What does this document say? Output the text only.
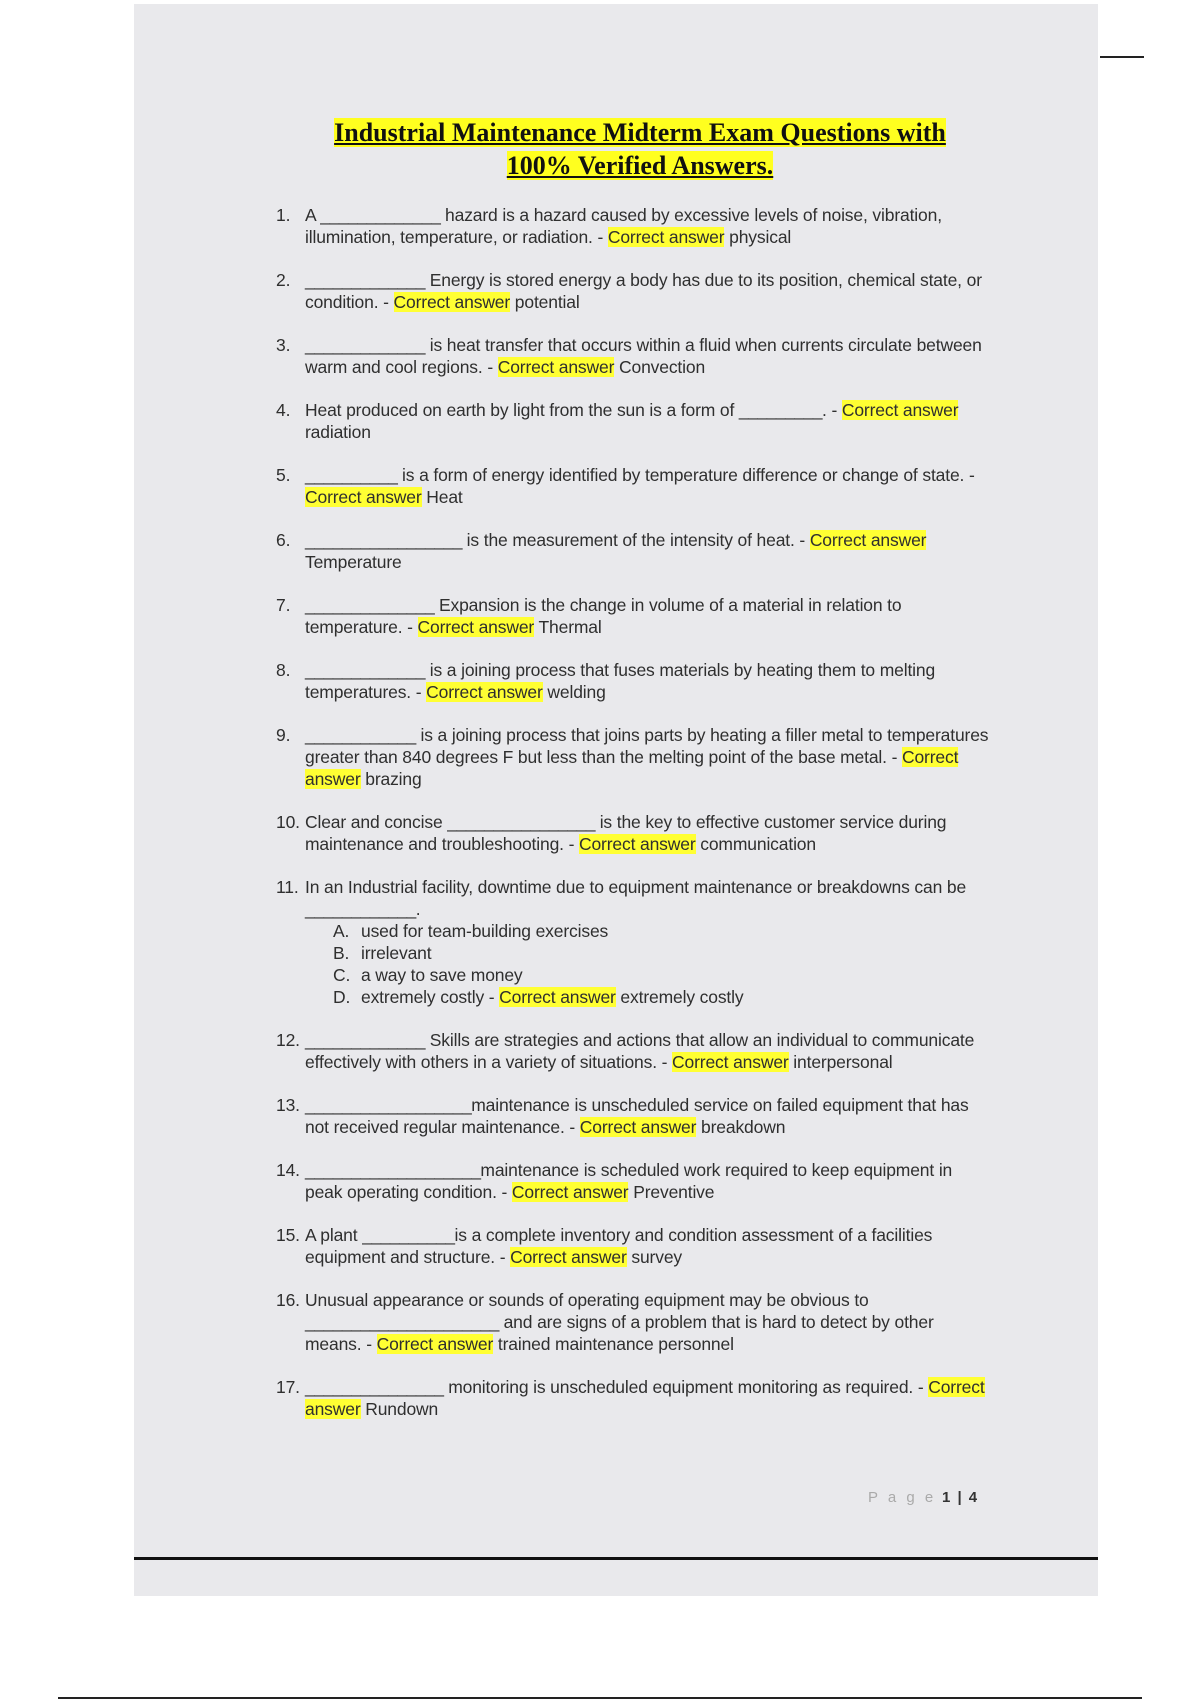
Industrial Maintenance Midterm Exam Questions with
100% Verified Answers.
1. A _____________ hazard is a hazard caused by excessive levels of noise, vibration, illumination, temperature, or radiation. - Correct answer physical
2. _____________ Energy is stored energy a body has due to its position, chemical state, or condition. - Correct answer potential
3. _____________ is heat transfer that occurs within a fluid when currents circulate between warm and cool regions. - Correct answer Convection
4. Heat produced on earth by light from the sun is a form of _________. - Correct answer radiation
5. __________ is a form of energy identified by temperature difference or change of state. - Correct answer Heat
6. _________________ is the measurement of the intensity of heat. - Correct answer Temperature
7. ______________ Expansion is the change in volume of a material in relation to temperature. - Correct answer Thermal
8. _____________ is a joining process that fuses materials by heating them to melting temperatures. - Correct answer welding
9. ____________ is a joining process that joins parts by heating a filler metal to temperatures greater than 840 degrees F but less than the melting point of the base metal. - Correct answer brazing
10. Clear and concise ________________ is the key to effective customer service during maintenance and troubleshooting. - Correct answer communication
11. In an Industrial facility, downtime due to equipment maintenance or breakdowns can be ____________.
A. used for team-building exercises
B. irrelevant
C. a way to save money
D. extremely costly - Correct answer extremely costly
12. _____________ Skills are strategies and actions that allow an individual to communicate effectively with others in a variety of situations. - Correct answer interpersonal
13. __________________maintenance is unscheduled service on failed equipment that has not received regular maintenance. - Correct answer breakdown
14. ___________________maintenance is scheduled work required to keep equipment in peak operating condition. - Correct answer Preventive
15. A plant __________is a complete inventory and condition assessment of a facilities equipment and structure. - Correct answer survey
16. Unusual appearance or sounds of operating equipment may be obvious to _____________________ and are signs of a problem that is hard to detect by other means. - Correct answer trained maintenance personnel
17. _______________ monitoring is unscheduled equipment monitoring as required. - Correct answer Rundown
P a g e 1 | 4
